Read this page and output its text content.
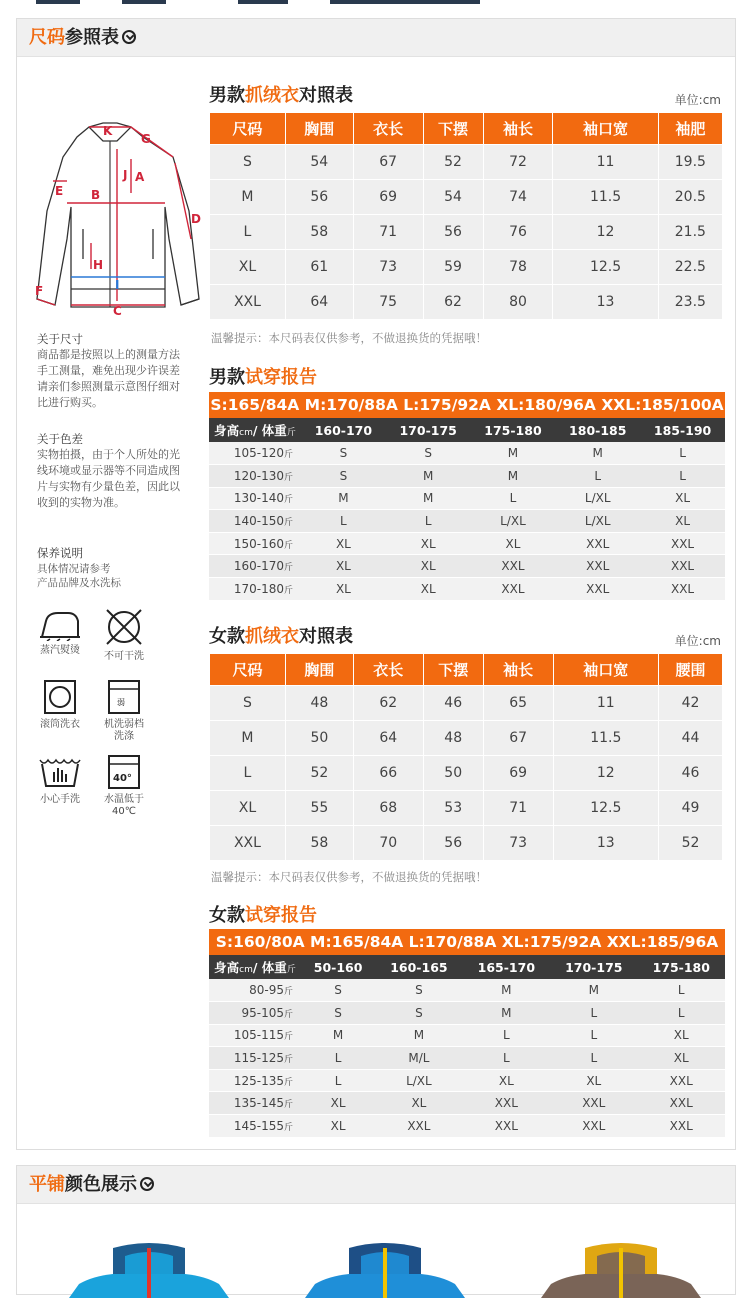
尺码参照表
K
G
J A
E B
D
H
I
F
C
关于尺寸
商品都是按照以上的测量方法
手工测量，难免出现少许误差
请亲们参照测量示意图仔细对
比进行购买。
关于色差
实物拍摄，由于个人所处的光
线环境或显示器等不同造成图
片与实物有少量色差，因此以
收到的实物为准。
保养说明
具体情况请参考
产品品牌及水洗标
蒸汽熨烫
不可干洗
滚筒洗衣
弱
机洗弱档
洗涤
小心手洗
40°
水温低于
40℃
男款抓绒衣对照表	单位:cm
尺码	胸围	衣长	下摆	袖长	袖口宽	袖肥
S	54	67	52	72	11	19.5
M	56	69	54	74	11.5	20.5
L	58	71	56	76	12	21.5
XL	61	73	59	78	12.5	22.5
XXL	64	75	62	80	13	23.5
温馨提示：本尺码表仅供参考，不做退换货的凭据哦！
男款试穿报告
S:165/84A M:170/88A L:175/92A XL:180/96A XXL:185/100A					
身高cm/ 体重斤	160-170	170-175	175-180	180-185	185-190
105-120斤	S	S	M	M	L
120-130斤	S	M	M	L	L
130-140斤	M	M	L	L/XL	XL
140-150斤	L	L	L/XL	L/XL	XL
150-160斤	XL	XL	XL	XXL	XXL
160-170斤	XL	XL	XXL	XXL	XXL
170-180斤	XL	XL	XXL	XXL	XXL
女款抓绒衣对照表	单位:cm
尺码	胸围	衣长	下摆	袖长	袖口宽	腰围
S	48	62	46	65	11	42
M	50	64	48	67	11.5	44
L	52	66	50	69	12	46
XL	55	68	53	71	12.5	49
XXL	58	70	56	73	13	52
温馨提示：本尺码表仅供参考，不做退换货的凭据哦！
女款试穿报告
S:160/80A M:165/84A L:170/88A XL:175/92A XXL:185/96A					
身高cm/ 体重斤	50-160	160-165	165-170	170-175	175-180
80-95斤	S	S	M	M	L
95-105斤	S	S	M	L	L
105-115斤	M	M	L	L	XL
115-125斤	L	M/L	L	L	XL
125-135斤	L	L/XL	XL	XL	XXL
135-145斤	XL	XL	XXL	XXL	XXL
145-155斤	XL	XXL	XXL	XXL	XXL
平铺颜色展示
